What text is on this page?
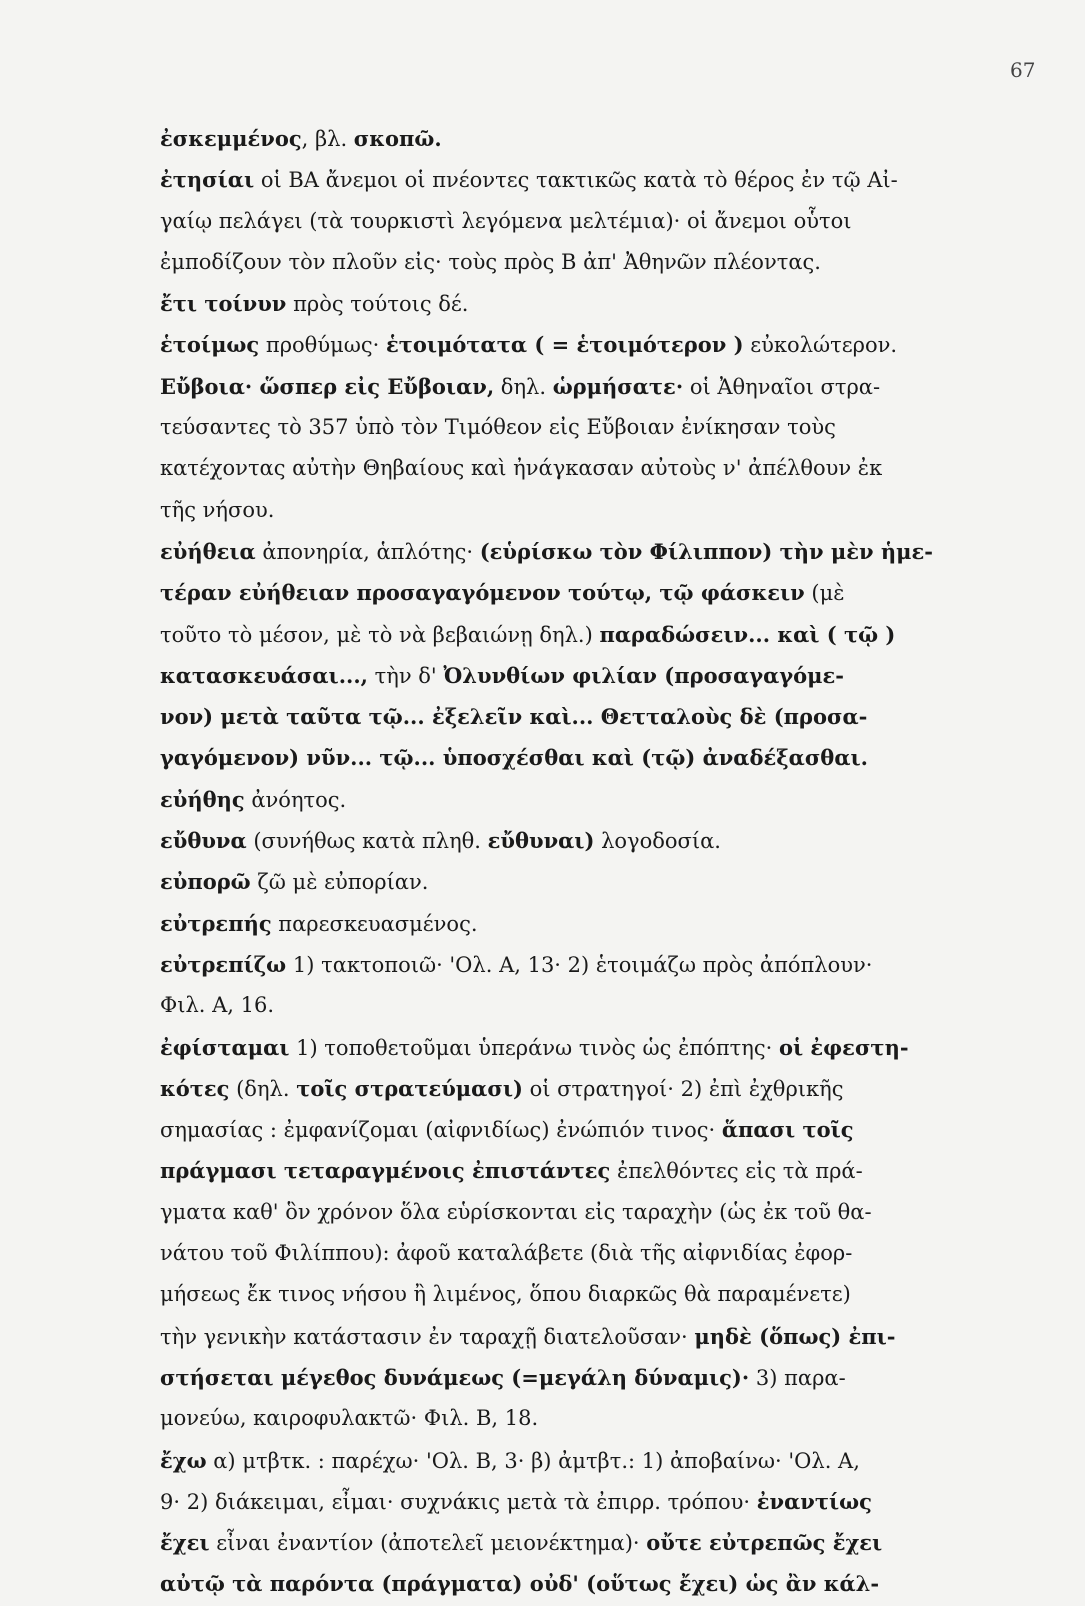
67
ἐσκεμμένος, βλ. σκοπῶ.
ἐτησίαι οἱ ΒΑ ἄνεμοι οἱ πνέοντες τακτικῶς κατὰ τὸ θέρος ἐν τῷ Αἰ-
γαίῳ πελάγει (τὰ τουρκιστὶ λεγόμενα μελτέμια)· οἱ ἄνεμοι οὗτοι
ἐμποδίζουν τὸν πλοῦν εἰς· τοὺς πρὸς Β ἀπ' Ἀθηνῶν πλέοντας.
ἔτι τοίνυν πρὸς τούτοις δέ.
ἑτοίμως προθύμως· ἑτοιμότατα ( = ἑτοιμότερον ) εὐκολώτερον.
Εὔβοια· ὥσπερ εἰς Εὔβοιαν, δηλ. ὡρμήσατε· οἱ Ἀθηναῖοι στρα-
τεύσαντες τὸ 357 ὑπὸ τὸν Τιμόθεον εἰς Εὔβοιαν ἐνίκησαν τοὺς
κατέχοντας αὐτὴν Θηβαίους καὶ ἠνάγκασαν αὐτοὺς ν' ἀπέλθουν ἐκ
τῆς νήσου.
εὐήθεια ἀπονηρία, ἁπλότης· (εὑρίσκω τὸν Φίλιππον) τὴν μὲν ἡμε-
τέραν εὐήθειαν προσαγαγόμενον τούτῳ, τῷ φάσκειν (μὲ
τοῦτο τὸ μέσον, μὲ τὸ νὰ βεβαιώνῃ δηλ.) παραδώσειν... καὶ ( τῷ )
κατασκευάσαι..., τὴν δ' Ὀλυνθίων φιλίαν (προσαγαγόμε-
νον) μετὰ ταῦτα τῷ... ἐξελεῖν καὶ... Θετταλοὺς δὲ (προσα-
γαγόμενον) νῦν... τῷ... ὑποσχέσθαι καὶ (τῷ) ἀναδέξασθαι.
εὐήθης ἀνόητος.
εὔθυνα (συνήθως κατὰ πληθ. εὔθυναι) λογοδοσία.
εὐπορῶ ζῶ μὲ εὐπορίαν.
εὐτρεπής παρεσκευασμένος.
εὐτρεπίζω 1) τακτοποιῶ· 'Ολ. Α, 13· 2) ἑτοιμάζω πρὸς ἀπόπλουν·
Φιλ. Α, 16.
ἐφίσταμαι 1) τοποθετοῦμαι ὑπεράνω τινὸς ὡς ἐπόπτης· οἱ ἐφεστη-
κότες (δηλ. τοῖς στρατεύμασι) οἱ στρατηγοί· 2) ἐπὶ ἐχθρικῆς
σημασίας : ἐμφανίζομαι (αἰφνιδίως) ἐνώπιόν τινος· ἅπασι τοῖς
πράγμασι τεταραγμένοις ἐπιστάντες ἐπελθόντες εἰς τὰ πρά-
γματα καθ' ὃν χρόνον ὅλα εὑρίσκονται εἰς ταραχὴν (ὡς ἐκ τοῦ θα-
νάτου τοῦ Φιλίππου): ἀφοῦ καταλάβετε (διὰ τῆς αἰφνιδίας ἐφορ-
μήσεως ἔκ τινος νήσου ἢ λιμένος, ὅπου διαρκῶς θὰ παραμένετε)
τὴν γενικὴν κατάστασιν ἐν ταραχῇ διατελοῦσαν· μηδὲ (ὅπως) ἐπι-
στήσεται μέγεθος δυνάμεως (=μεγάλη δύναμις)· 3) παρα-
μονεύω, καιροφυλακτῶ· Φιλ. Β, 18.
ἔχω α) μτβτκ. : παρέχω· 'Ολ. Β, 3· β) ἀμτβτ.: 1) ἀποβαίνω· 'Ολ. Α,
9· 2) διάκειμαι, εἶμαι· συχνάκις μετὰ τὰ ἐπιρρ. τρόπου· ἐναντίως
ἔχει εἶναι ἐναντίον (ἀποτελεῖ μειονέκτημα)· οὔτε εὐτρεπῶς ἔχει
αὐτῷ τὰ παρόντα (πράγματα) οὐδ' (οὕτως ἔχει) ὡς ἂν κάλ-
